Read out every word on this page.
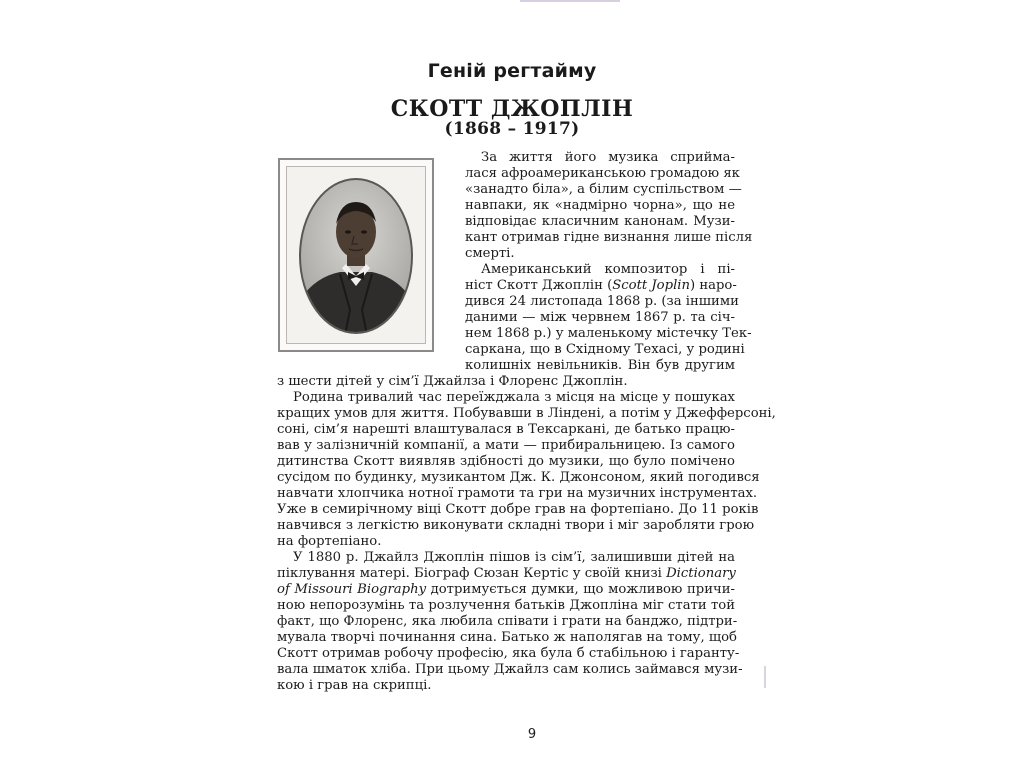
Геній регтайму
СКОТТ ДЖОПЛІН
(1868 – 1917)
За життя його музика сприйма-
лася афроамериканською громадою як
«занадто біла», а білим суспільством —
навпаки, як «надмірно чорна», що не
відповідає класичним канонам. Музи-
кант отримав гідне визнання лише після
смерті.
Американський композитор і пі-
ніст Скотт Джоплін (Scott Joplin) наро-
дився 24 листопада 1868 р. (за іншими
даними — між червнем 1867 р. та січ-
нем 1868 р.) у маленькому містечку Тек-
саркана, що в Східному Техасі, у родині
колишніх невільників. Він був другим
з шести дітей у сім’ї Джайлза і Флоренс Джоплін.
Родина тривалий час переїжджала з місця на місце у пошуках
кращих умов для життя. Побувавши в Ліндені, а потім у Джефферсоні,
соні, сім’я нарешті влаштувалася в Тексаркані, де батько працю-
вав у залізничній компанії, а мати — прибиральницею. Із самого
дитинства Скотт виявляв здібності до музики, що було помічено
сусідом по будинку, музикантом Дж. К. Джонсоном, який погодився
навчати хлопчика нотної грамоти та гри на музичних інструментах.
Уже в семирічному віці Скотт добре грав на фортепіано. До 11 років
навчився з легкістю виконувати складні твори і міг заробляти грою
на фортепіано.
У 1880 р. Джайлз Джоплін пішов із сім’ї, залишивши дітей на
піклування матері. Біограф Сюзан Кертіс у своїй книзі Dictionary
of Missouri Biography дотримується думки, що можливою причи-
ною непорозумінь та розлучення батьків Джопліна міг стати той
факт, що Флоренс, яка любила співати і грати на банджо, підтри-
мувала творчі починання сина. Батько ж наполягав на тому, щоб
Скотт отримав робочу професію, яка була б стабільною і гаранту-
вала шматок хліба. При цьому Джайлз сам колись займався музи-
кою і грав на скрипці.
9
